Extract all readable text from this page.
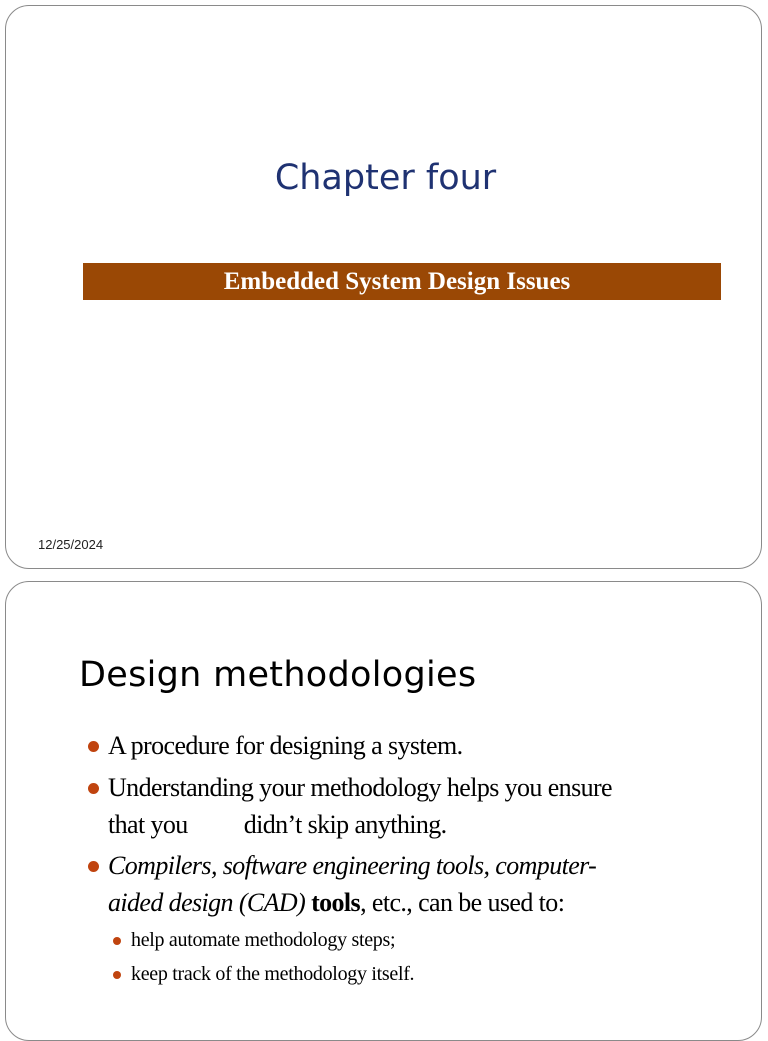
Chapter four
Embedded System Design Issues
12/25/2024
Design methodologies
A procedure for designing a system.
Understanding your methodology helps you ensure
that you didn’t skip anything.
Compilers, software engineering tools, computer-
aided design (CAD) tools, etc., can be used to:
help automate methodology steps;
keep track of the methodology itself.
